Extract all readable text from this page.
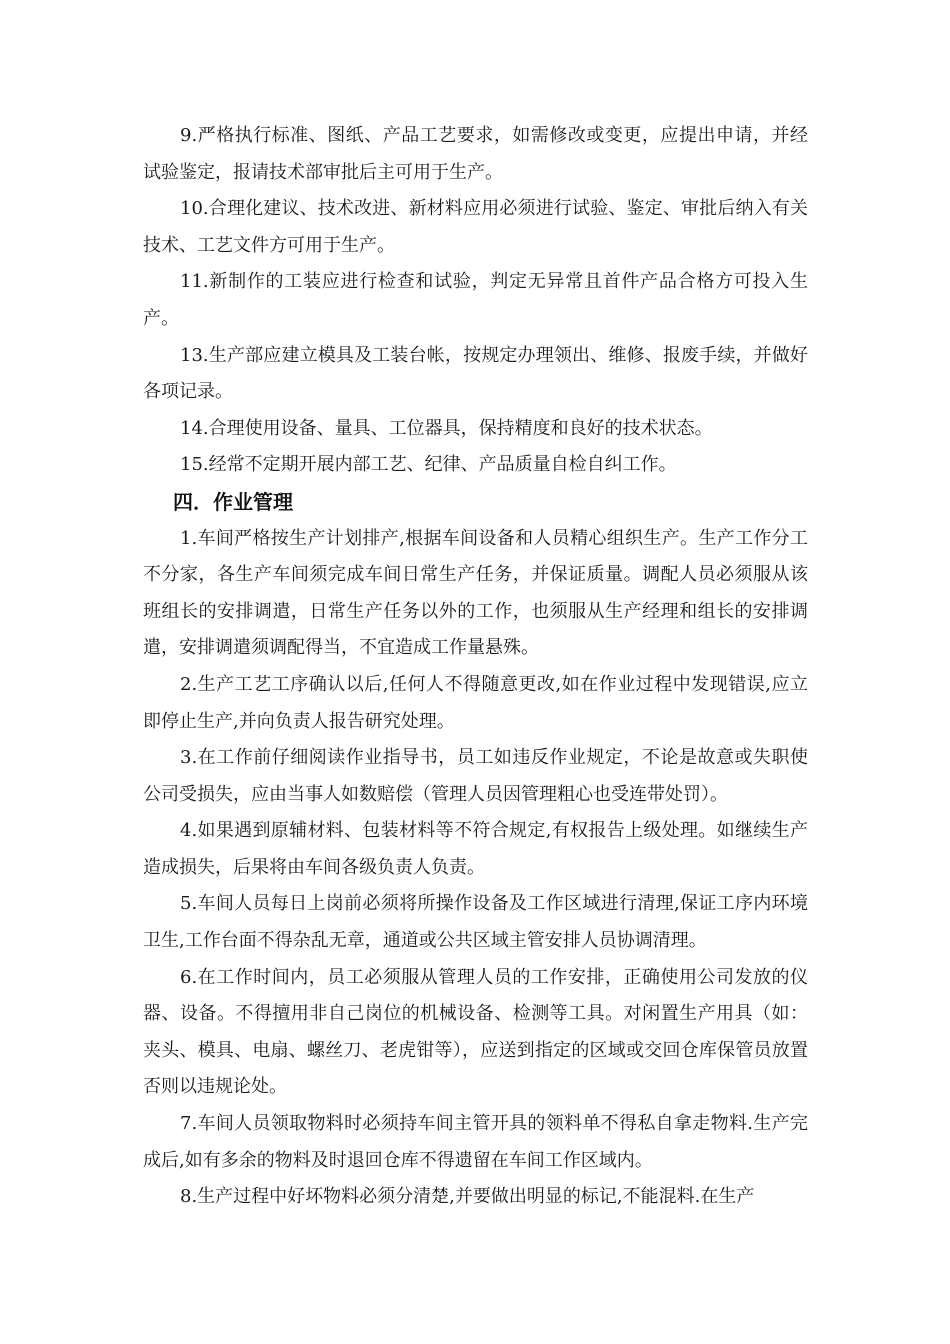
9.严格执行标准、图纸、产品工艺要求，如需修改或变更，应提出申请，并经试验鉴定，报请技术部审批后主可用于生产。

10.合理化建议、技术改进、新材料应用必须进行试验、鉴定、审批后纳入有关技术、工艺文件方可用于生产。

11.新制作的工装应进行检查和试验，判定无异常且首件产品合格方可投入生产。

13.生产部应建立模具及工装台帐，按规定办理领出、维修、报废手续，并做好各项记录。

14.合理使用设备、量具、工位器具，保持精度和良好的技术状态。

15.经常不定期开展内部工艺、纪律、产品质量自检自纠工作。

四．作业管理

1.车间严格按生产计划排产,根据车间设备和人员精心组织生产。生产工作分工不分家，各生产车间须完成车间日常生产任务，并保证质量。调配人员必须服从该班组长的安排调遣，日常生产任务以外的工作，也须服从生产经理和组长的安排调遣，安排调遣须调配得当，不宜造成工作量悬殊。

2.生产工艺工序确认以后,任何人不得随意更改,如在作业过程中发现错误,应立即停止生产,并向负责人报告研究处理。

3.在工作前仔细阅读作业指导书，员工如违反作业规定，不论是故意或失职使公司受损失，应由当事人如数赔偿（管理人员因管理粗心也受连带处罚）。

4.如果遇到原辅材料、包装材料等不符合规定,有权报告上级处理。如继续生产造成损失，后果将由车间各级负责人负责。

5.车间人员每日上岗前必须将所操作设备及工作区域进行清理,保证工序内环境卫生,工作台面不得杂乱无章，通道或公共区域主管安排人员协调清理。

6.在工作时间内，员工必须服从管理人员的工作安排，正确使用公司发放的仪器、设备。不得擅用非自己岗位的机械设备、检测等工具。对闲置生产用具（如：夹头、模具、电扇、螺丝刀、老虎钳等），应送到指定的区域或交回仓库保管员放置否则以违规论处。

7.车间人员领取物料时必须持车间主管开具的领料单不得私自拿走物料.生产完成后,如有多余的物料及时退回仓库不得遗留在车间工作区域内。

8.生产过程中好坏物料必须分清楚,并要做出明显的标记,不能混料.在生产
